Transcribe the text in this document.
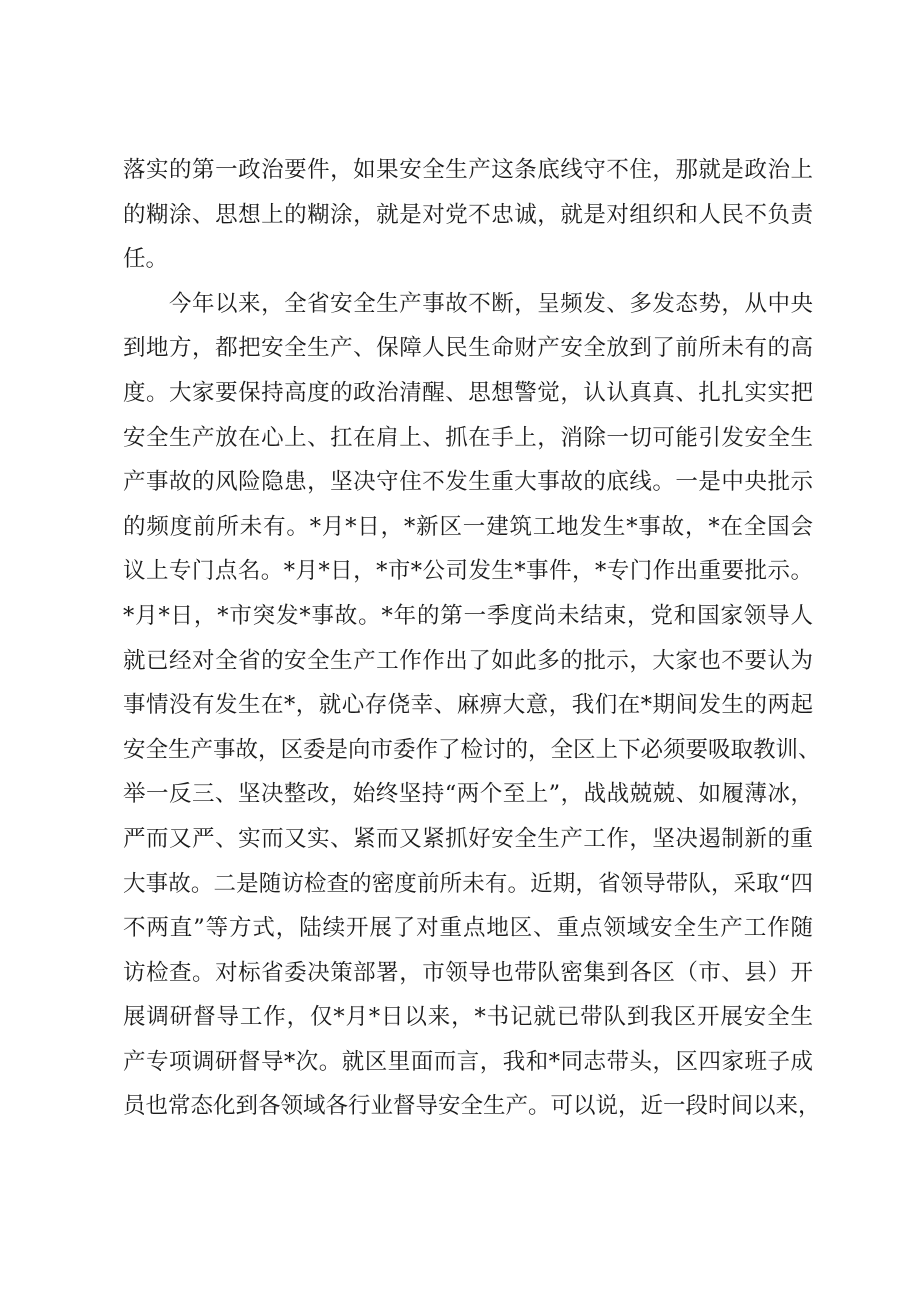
落实的第一政治要件，如果安全生产这条底线守不住，那就是政治上
的糊涂、思想上的糊涂，就是对党不忠诚，就是对组织和人民不负责
任。
今年以来，全省安全生产事故不断，呈频发、多发态势，从中央
到地方，都把安全生产、保障人民生命财产安全放到了前所未有的高
度。大家要保持高度的政治清醒、思想警觉，认认真真、扎扎实实把
安全生产放在心上、扛在肩上、抓在手上，消除一切可能引发安全生
产事故的风险隐患，坚决守住不发生重大事故的底线。一是中央批示
的频度前所未有。*月*日，*新区一建筑工地发生*事故，*在全国会
议上专门点名。*月*日，*市*公司发生*事件，*专门作出重要批示。
*月*日，*市突发*事故。*年的第一季度尚未结束，党和国家领导人
就已经对全省的安全生产工作作出了如此多的批示，大家也不要认为
事情没有发生在*，就心存侥幸、麻痹大意，我们在*期间发生的两起
安全生产事故，区委是向市委作了检讨的，全区上下必须要吸取教训、
举一反三、坚决整改，始终坚持“两个至上”，战战兢兢、如履薄冰，
严而又严、实而又实、紧而又紧抓好安全生产工作，坚决遏制新的重
大事故。二是随访检查的密度前所未有。近期，省领导带队，采取“四
不两直”等方式，陆续开展了对重点地区、重点领域安全生产工作随
访检查。对标省委决策部署，市领导也带队密集到各区（市、县）开
展调研督导工作，仅*月*日以来，*书记就已带队到我区开展安全生
产专项调研督导*次。就区里面而言，我和*同志带头，区四家班子成
员也常态化到各领域各行业督导安全生产。可以说，近一段时间以来，
